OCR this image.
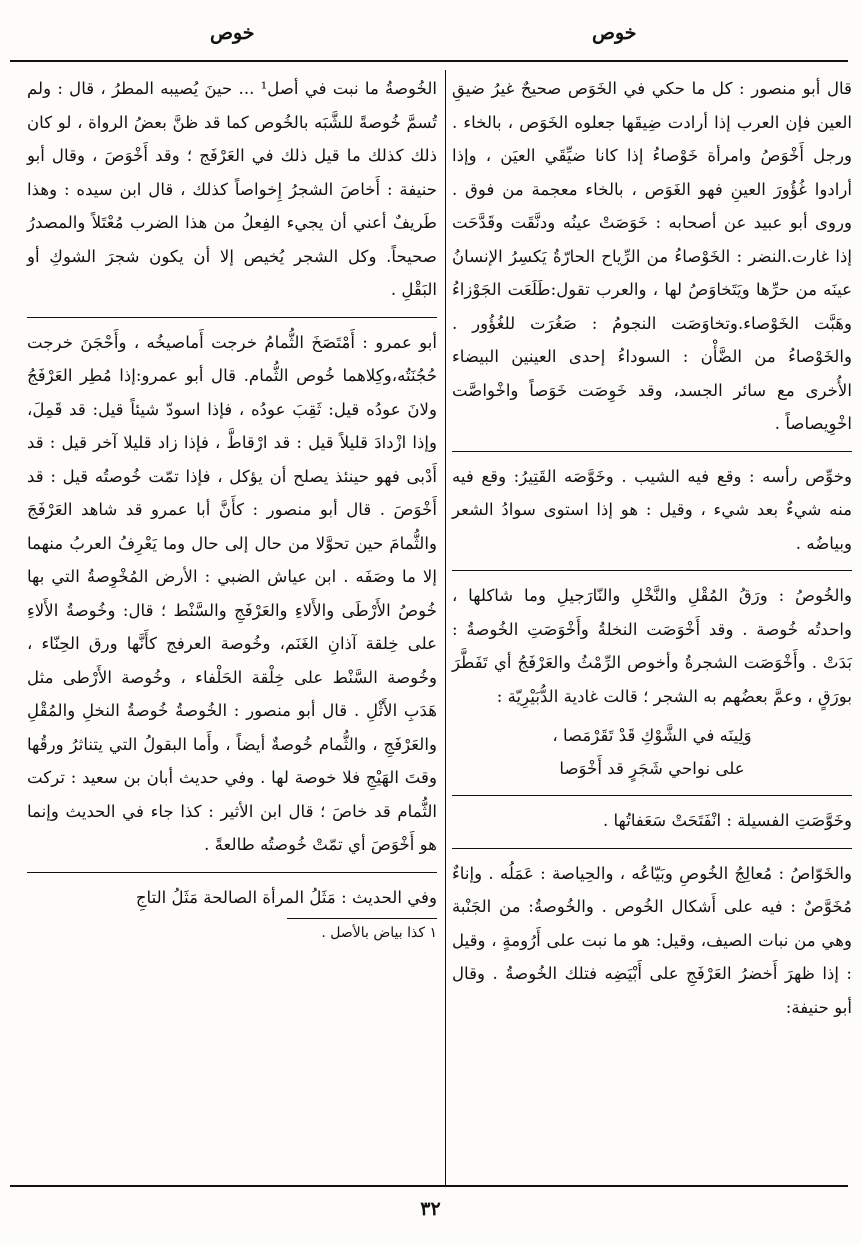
خوص
خوص

قال أبو منصور : كل ما حكي في الخَوَص صحيحٌ غيرُ ضيقِ العين فإن العرب إذا أرادت ضِيقَها جعلوه الخَوَص ، بالخاء . ورجل أَخْوَصُ وامرأة خَوْصاءُ إذا كانا ضيِّقَي العيَن ، وإذا أرادوا غُؤُورَ العينِ فهو الغَوَص ، بالخاء معجمة من فوق . وروى أبو عبيد عن أصحابه : خَوَصَتْ عينُه ودنَّقَت وقَدَّحَت إذا غارت.النضر : الخَوْصاءُ من الرِّياح الحارّةُ يَكسِرُ الإنسانُ عينَه من حرِّها ويَتَخاوَصُ لها ، والعرب تقول:طَلَعَت الجَوْزاءُ وهَبَّت الخَوْصاء.وتخاوَصَت النجومُ : صَغُرَت للغُؤُور . والخَوْصاءُ من الضَّأْن : السوداءُ إحدى العينين البيضاء الأُخرى مع سائر الجسد، وقد خَوِصَت خَوَصاً واخْواصَّت اخْوِيصاصاً .

وخوِّص رأسه : وقع فيه الشيب . وخَوَّصَه القَتِيرُ: وقع فيه منه شيءٌ بعد شيء ، وقيل : هو إذا استوى سوادُ الشعر وبياضُه .

والخُوصُ : ورَقُ المُقْلِ والنَّخْلِ والنّارَجيلِ وما شاكلها ، واحدتُه خُوصة . وقد أَخْوَصَت النخلةُ وأَخْوَصَتِ الخُوصةُ : بَدَتْ . وأَخْوَصَت الشجرةُ وأخوص الرِّمْثُ والعَرْفَجُ أي تَفَطَّرَ بورَقٍ ، وعمَّ بعضُهم به الشجر ؛ قالت غادية الدُّبَيْرِيّة :

وَلِينَه في الشَّوْكِ قَدْ تَقَرْمَصا ،
على نواحي شَجَرٍ قد أَخْوَصا

وخَوَّصَتِ الفسيلة : انْفَتَحَتْ سَعَفاتُها .

والخَوّاصُ : مُعالِجُ الخُوصِ وبَيّاعُه ، والحِياصة : عَمَلُه . وإناءٌ مُخَوَّصٌ : فيه على أَشكال الخُوص . والخُوصةُ: من الجَنْبة وهي من نبات الصيف، وقيل: هو ما نبت على أَرُومةٍ ، وقيل : إذا ظهرَ أَخضرُ العَرْفَجِ على أَبْيَضِه فتلك الخُوصةُ . وقال أبو حنيفة:

الخُوصةُ ما نبت في أصل¹ ... حينَ يُصيبه المطرُ ، قال : ولم تُسمَّ خُوصةً للشَّبَه بالخُوص كما قد ظنَّ بعضُ الرواة ، لو كان ذلك كذلك ما قيل ذلك في العَرْفَج ؛ وقد أَخْوَصَ ، وقال أبو حنيفة : أَخاصَ الشجرُ إِخواصاً كذلك ، قال ابن سيده : وهذا طَريفٌ أعني أن يجيء الفِعلُ من هذا الضرب مُعْتَلاً والمصدرُ صحيحاً. وكل الشجر يُخيص إلا أن يكون شجرَ الشوكِ أو البَقْلِ .

أبو عمرو : أَمْتَصَخَ الثُّمامُ خرجت أَماصيخُه ، وأَحْجَنَ خرجت حُجُنَتُه،وكِلاهما خُوص الثُّمام. قال أبو عمرو:إذا مُطِر العَرْفَجُ ولانَ عودُه قيل: ثَقِبَ عودُه ، فإذا اسودّ شيئاً قيل: قد قَمِلَ، وإذا ازْدادَ قليلاً قيل : قد ارْقاطَّ ، فإذا زاد قليلا آخر قيل : قد أَدْبى فهو حينئذ يصلح أن يؤكل ، فإذا تمّت خُوصتُه قيل : قد أَخْوَصَ . قال أبو منصور : كأَنَّ أبا عمرو قد شاهد العَرْفَجَ والثُّمامَ حين تحوَّلا من حال إلى حال وما يَعْرِفُ العربُ منهما إلا ما وصَفَه . ابن عياش الضبي : الأرض المُخْوِصةُ التي بها خُوصُ الأَرْطَى والأَلاءِ والعَرْفَجِ والسَّنْط ؛ قال: وخُوصةُ الأَلاءِ على خِلقة آذانِ الغَنَم، وخُوصة العرفج كأَنَّها ورق الحِنّاء ، وخُوصة السَّنْط على خِلْقة الحَلْفاء ، وخُوصة الأَرْطى مثل هَدَبِ الأَثْلِ . قال أبو منصور : الخُوصةُ خُوصةُ النخلِ والمُقْلِ والعَرْفَجِ ، والثُّمام خُوصةٌ أيضاً ، وأَما البقولُ التي يتناثرُ ورقُها وقتَ الهَيْجِ فلا خوصة لها . وفي حديث أبان بن سعيد : تركت الثُّمام قد خاصَ ؛ قال ابن الأثير : كذا جاء في الحديث وإنما هو أَخْوَصَ أي تمّتْ خُوصتُه طالعةً .

وفي الحديث : مَثَلُ المرأة الصالحة مَثَلُ التاجِ

١ كذا بياض بالأصل .

٣٢
